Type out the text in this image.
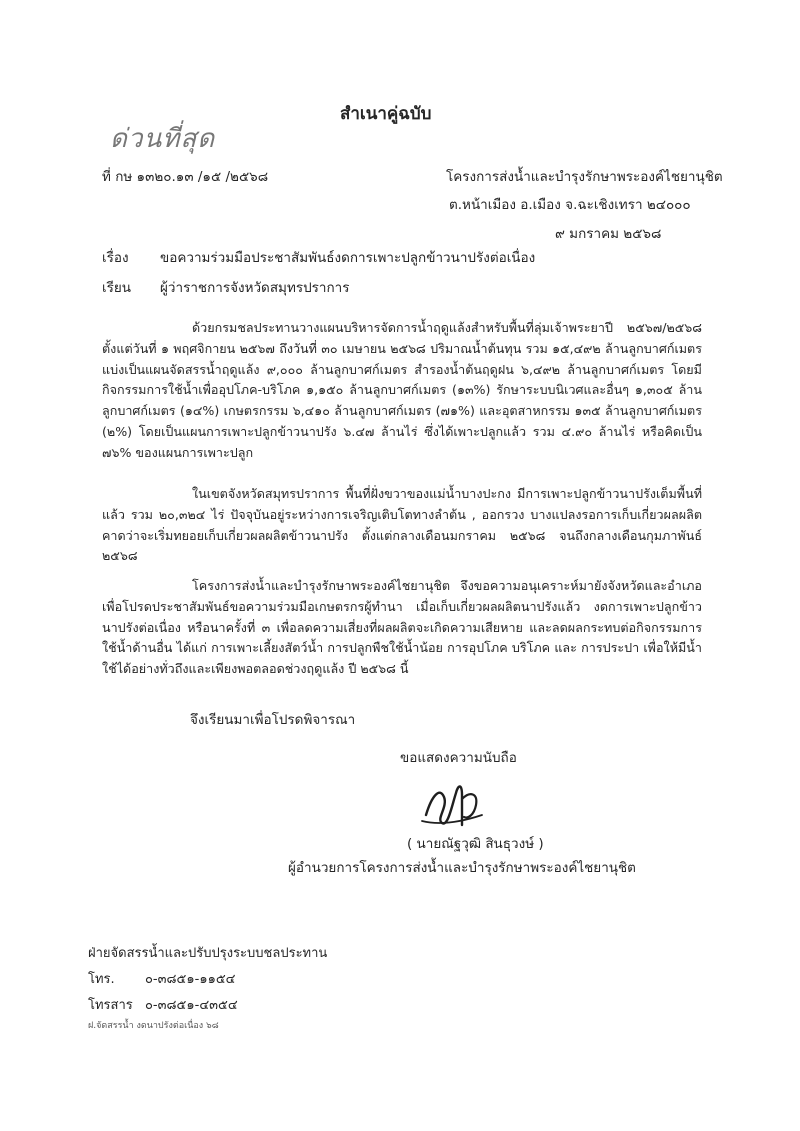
ด่วนที่สุด
สำเนาคู่ฉบับ
ที่ กษ ๑๓๒๐.๑๓ /๑๕ /๒๕๖๘	โครงการส่งน้ำและบำรุงรักษาพระองค์ไชยานุชิต
ต.หน้าเมือง อ.เมือง จ.ฉะเชิงเทรา ๒๔๐๐๐
๙ มกราคม ๒๕๖๘
เรื่อง ขอความร่วมมือประชาสัมพันธ์งดการเพาะปลูกข้าวนาปรังต่อเนื่อง
เรียน ผู้ว่าราชการจังหวัดสมุทรปราการ

ด้วยกรมชลประทานวางแผนบริหารจัดการน้ำฤดูแล้งสำหรับพื้นที่ลุ่มเจ้าพระยาปี ๒๕๖๗/๒๕๖๘ ตั้งแต่วันที่ ๑ พฤศจิกายน ๒๕๖๗ ถึงวันที่ ๓๐ เมษายน ๒๕๖๘ ปริมาณน้ำต้นทุน รวม ๑๕,๔๙๒ ล้านลูกบาศก์เมตร แบ่งเป็นแผนจัดสรรน้ำฤดูแล้ง ๙,๐๐๐ ล้านลูกบาศก์เมตร สำรองน้ำต้นฤดูฝน ๖,๔๙๒ ล้านลูกบาศก์เมตร โดยมีกิจกรรมการใช้น้ำเพื่ออุปโภค-บริโภค ๑,๑๕๐ ล้านลูกบาศก์เมตร (๑๓%) รักษาระบบนิเวศและอื่นๆ ๑,๓๐๕ ล้านลูกบาศก์เมตร (๑๔%) เกษตรกรรม ๖,๔๑๐ ล้านลูกบาศก์เมตร (๗๑%) และอุตสาหกรรม ๑๓๕ ล้านลูกบาศก์เมตร (๒%) โดยเป็นแผนการเพาะปลูกข้าวนาปรัง ๖.๔๗ ล้านไร่ ซึ่งได้เพาะปลูกแล้ว รวม ๔.๙๐ ล้านไร่ หรือคิดเป็น ๗๖% ของแผนการเพาะปลูก

ในเขตจังหวัดสมุทรปราการ พื้นที่ฝั่งขวาของแม่น้ำบางปะกง มีการเพาะปลูกข้าวนาปรังเต็มพื้นที่แล้ว รวม ๒๐,๓๒๔ ไร่ ปัจจุบันอยู่ระหว่างการเจริญเติบโตทางลำต้น , ออกรวง บางแปลงรอการเก็บเกี่ยวผลผลิต คาดว่าจะเริ่มทยอยเก็บเกี่ยวผลผลิตข้าวนาปรัง ตั้งแต่กลางเดือนมกราคม ๒๕๖๘ จนถึงกลางเดือนกุมภาพันธ์ ๒๕๖๘

โครงการส่งน้ำและบำรุงรักษาพระองค์ไชยานุชิต จึงขอความอนุเคราะห์มายังจังหวัดและอำเภอเพื่อโปรดประชาสัมพันธ์ขอความร่วมมือเกษตรกรผู้ทำนา เมื่อเก็บเกี่ยวผลผลิตนาปรังแล้ว งดการเพาะปลูกข้าวนาปรังต่อเนื่อง หรือนาครั้งที่ ๓ เพื่อลดความเสี่ยงที่ผลผลิตจะเกิดความเสียหาย และลดผลกระทบต่อกิจกรรมการใช้น้ำด้านอื่น ได้แก่ การเพาะเลี้ยงสัตว์น้ำ การปลูกพืชใช้น้ำน้อย การอุปโภค บริโภค และ การประปา เพื่อให้มีน้ำใช้ได้อย่างทั่วถึงและเพียงพอตลอดช่วงฤดูแล้ง ปี ๒๕๖๘ นี้

จึงเรียนมาเพื่อโปรดพิจารณา
ขอแสดงความนับถือ
( นายณัฐวุฒิ สินธุวงษ์ )
ผู้อำนวยการโครงการส่งน้ำและบำรุงรักษาพระองค์ไชยานุชิต
ฝ่ายจัดสรรน้ำและปรับปรุงระบบชลประทาน
โทร. ๐-๓๘๕๑-๑๑๕๔
โทรสาร ๐-๓๘๕๑-๔๓๕๔
ฝ.จัดสรรน้ำ งดนาปรังต่อเนื่อง ๖๘
